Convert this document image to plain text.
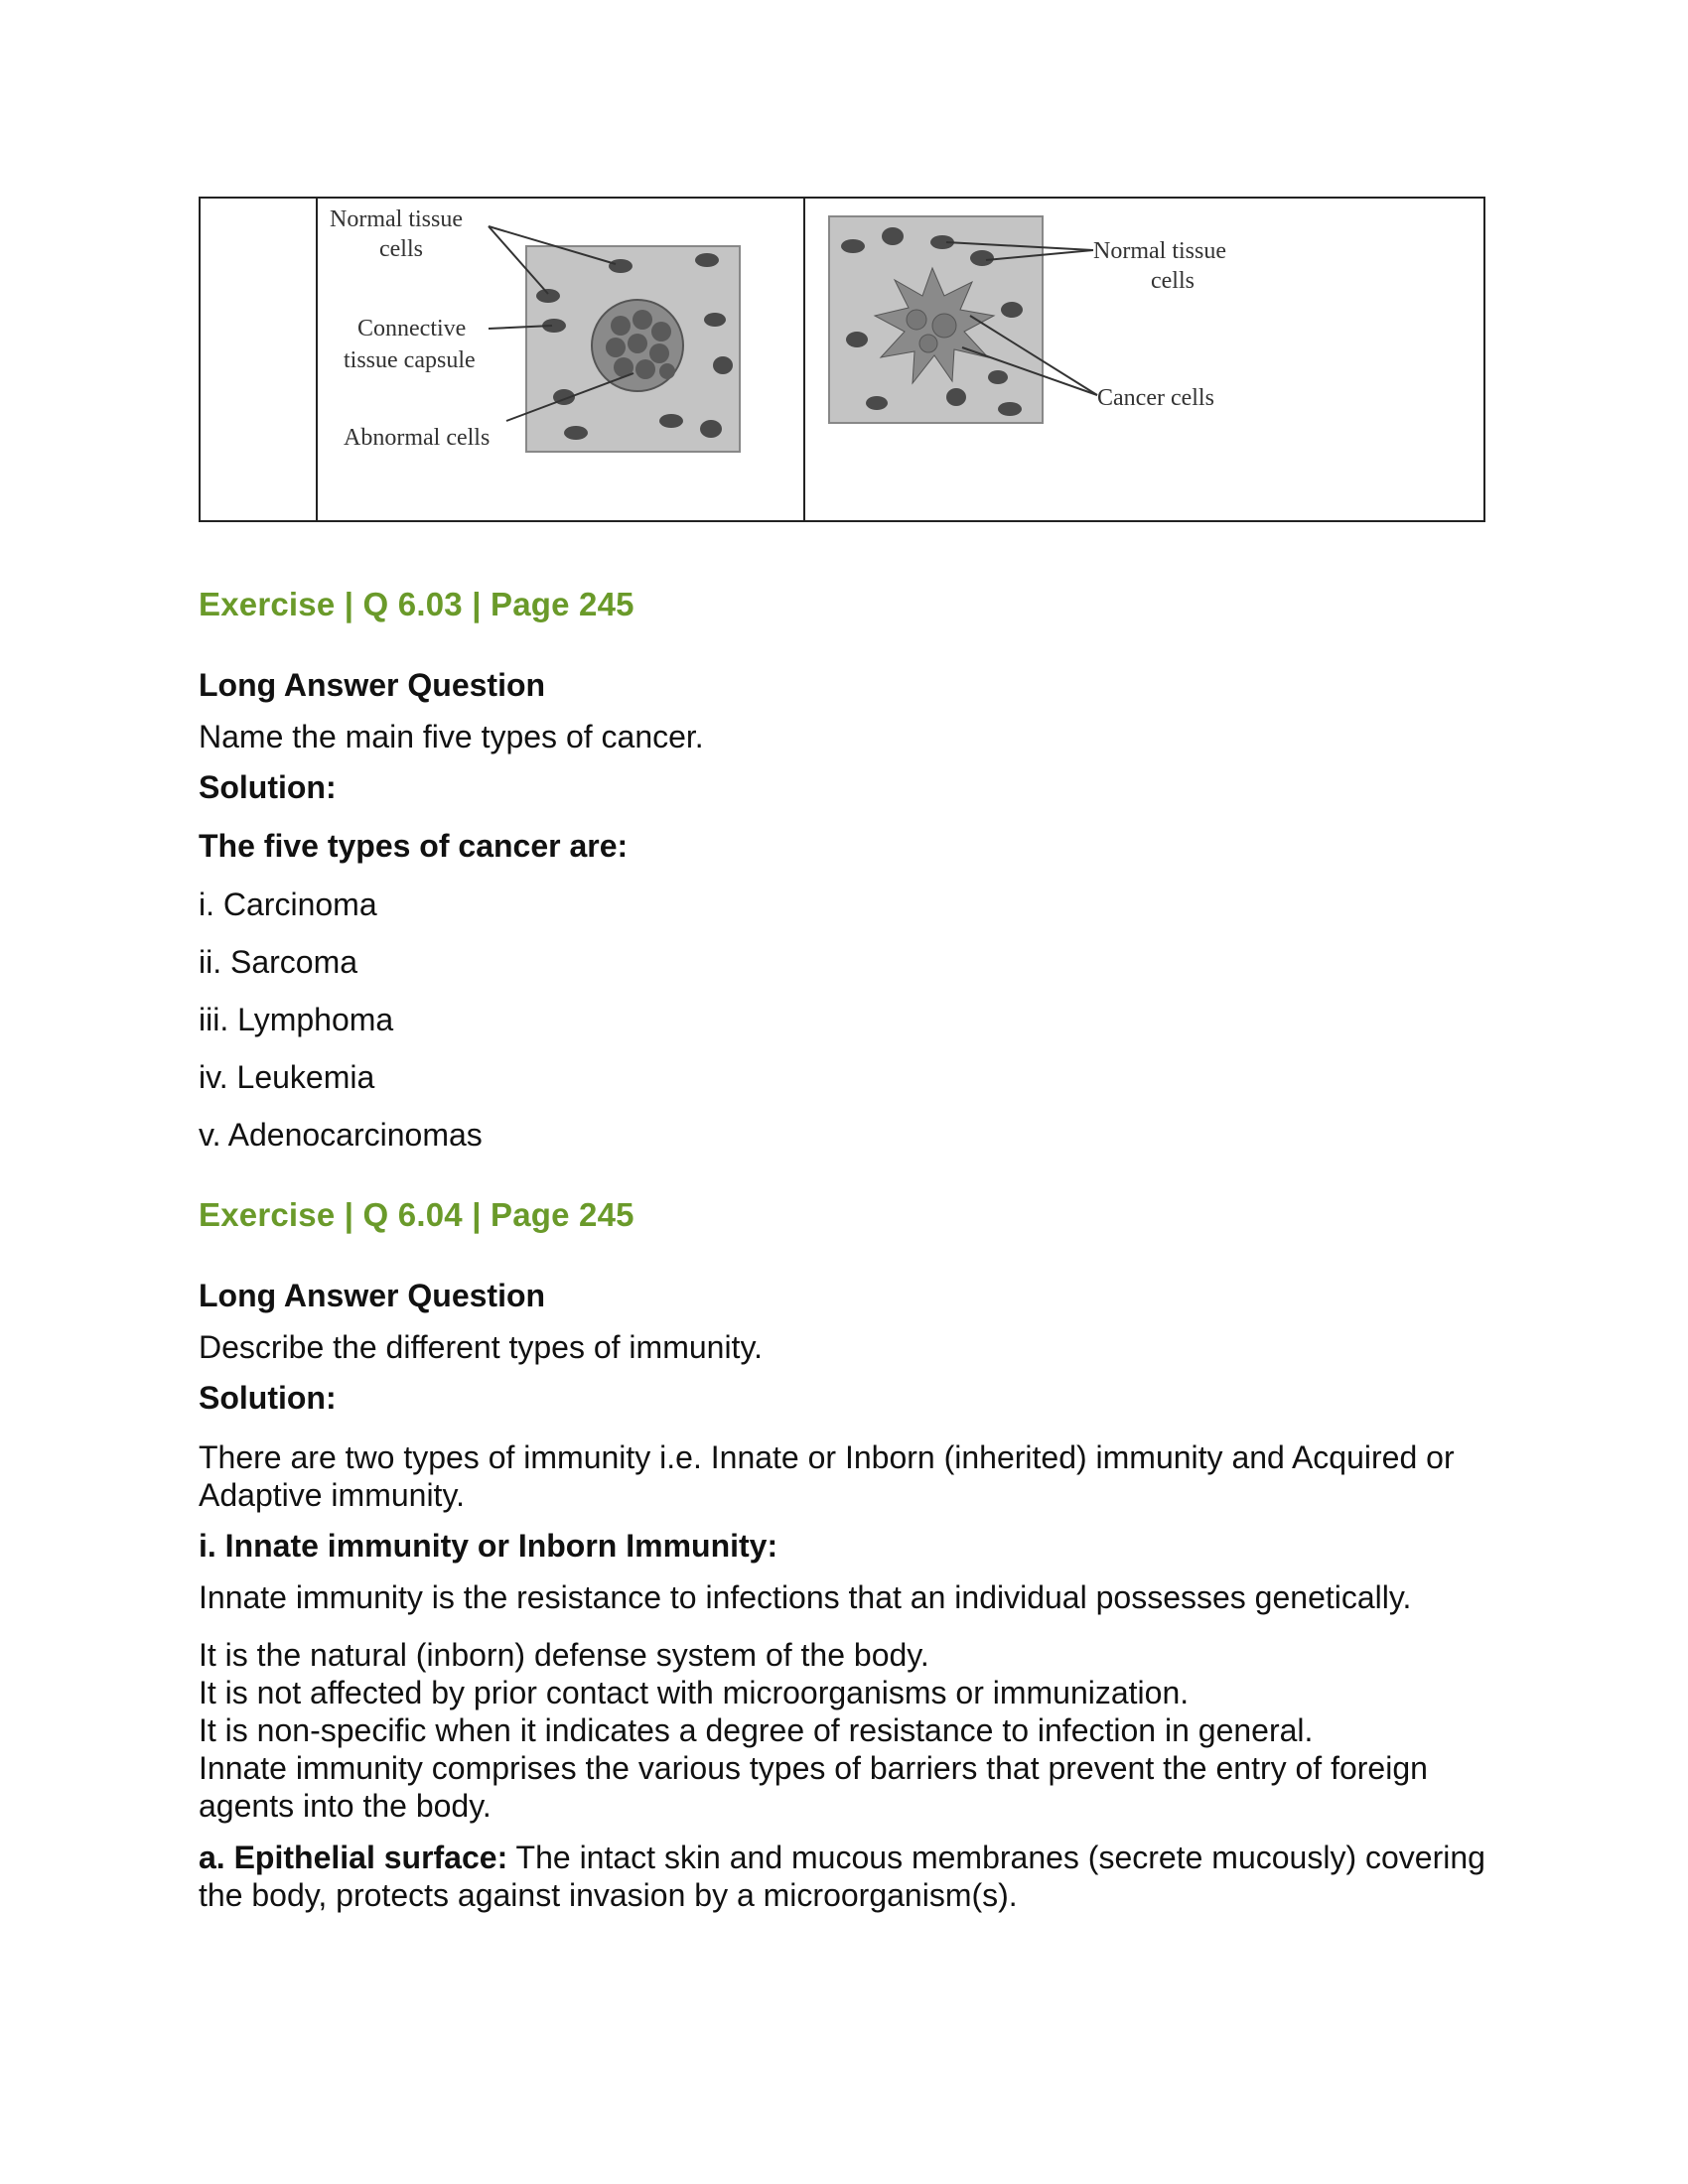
Normal tissue
cells
Connective
tissue capsule
Abnormal cells
Normal tissue
cells
Cancer cells
Exercise | Q 6.03 | Page 245
Long Answer Question
Name the main five types of cancer.
Solution:
The five types of cancer are:
i. Carcinoma
ii. Sarcoma
iii. Lymphoma
iv. Leukemia
v. Adenocarcinomas
Exercise | Q 6.04 | Page 245
Long Answer Question
Describe the different types of immunity.
Solution:
There are two types of immunity i.e. Innate or Inborn (inherited) immunity and Acquired or Adaptive immunity.
i. Innate immunity or Inborn Immunity:
Innate immunity is the resistance to infections that an individual possesses genetically.
It is the natural (inborn) defense system of the body.
It is not affected by prior contact with microorganisms or immunization.
It is non-specific when it indicates a degree of resistance to infection in general.
Innate immunity comprises the various types of barriers that prevent the entry of foreign agents into the body.
a. Epithelial surface: The intact skin and mucous membranes (secrete mucously) covering the body, protects against invasion by a microorganism(s).
